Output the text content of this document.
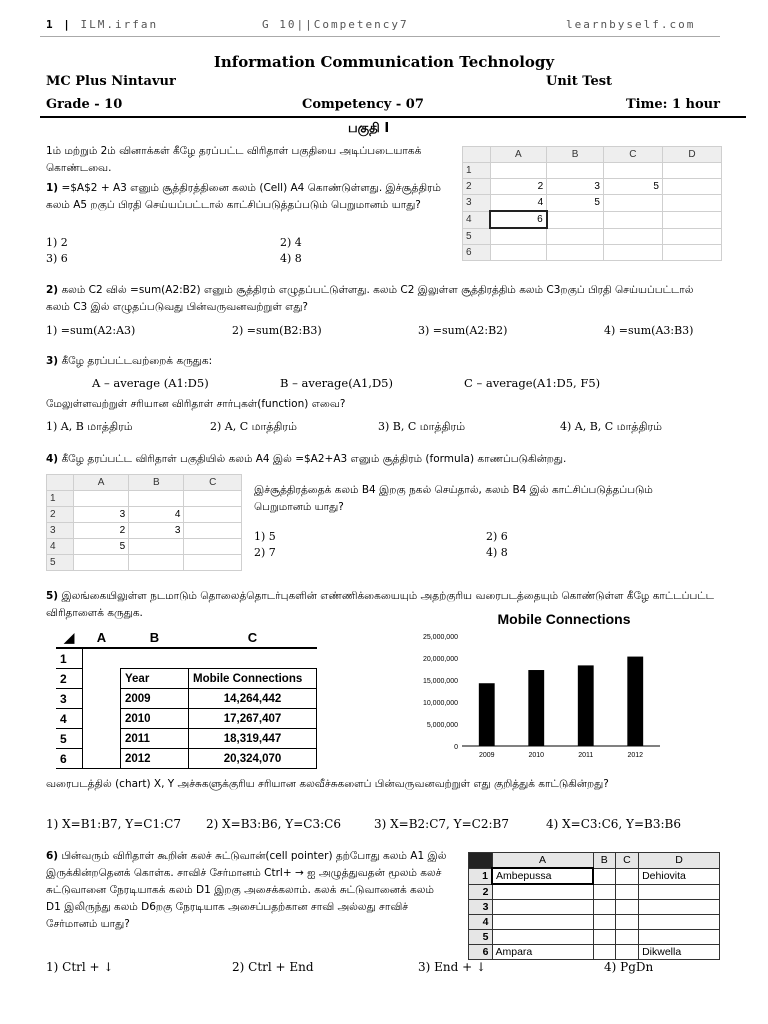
1 | ILM.irfan	G 10||Competency7	learnbyself.com
Information Communication Technology
MC Plus Nintavur	Unit Test
Grade - 10	Competency - 07	Time: 1 hour
பகுதி I
1ம் மற்றும் 2ம் வினாக்கள் கீழே தரப்பட்ட விரிதாள் பகுதியை அடிப்படையாகக் கொண்டவை.
1) =$A$2 + A3 எனும் சூத்திரத்தினை கலம் (Cell) A4 கொண்டுள்ளது. இச்சூத்திரம் கலம் A5 றகுப் பிரதி செய்யப்பட்டால் காட்சிப்படுத்தப்படும் பெறுமானம் யாது?
1) 2	2) 4
3) 6	4) 8
	A	B	C	D
1				
2	2	3	5	
3	4	5		
4	6			
5				
6				
2) கலம் C2 வில் =sum(A2:B2) எனும் சூத்திரம் எழுதப்பட்டுள்ளது. கலம் C2 இலுள்ள சூத்திரத்திம் கலம் C3றகுப் பிரதி செய்யப்பட்டால் கலம் C3 இல் எழுதப்படுவது பின்வருவனவற்றுள் எது?
1) =sum(A2:A3)	2) =sum(B2:B3)	3) =sum(A2:B2)	4) =sum(A3:B3)
3) கீழே தரப்பட்டவற்றைக் கருதுக:
A – average (A1:D5)	B – average(A1,D5)	C – average(A1:D5, F5)
மேலுள்ளவற்றுள் சரியான விரிதாள் சார்புகள்(function) எவை?
1) A, B மாத்திரம்	2) A, C மாத்திரம்	3) B, C மாத்திரம்	4) A, B, C மாத்திரம்
4) கீழே தரப்பட்ட விரிதாள் பகுதியில் கலம் A4 இல் =$A2+A3 எனும் சூத்திரம் (formula) காணப்படுகின்றது.
	A	B	C
1			
2	3	4	
3	2	3	
4	5		
5			
இச்சூத்திரத்தைக் கலம் B4 இறகு நகல் செய்தால், கலம் B4 இல் காட்சிப்படுத்தப்படும் பெறுமானம் யாது?
1) 5	2) 6
2) 7	4) 8
5) இலங்கையிலுள்ள நடமாடும் தொலைத்தொடர்புகளின் எண்ணிக்கையையும் அதற்குரிய வரைபடத்தையும் கொண்டுள்ள கீழே காட்டப்பட்ட விரிதாளைக் கருதுக.
◢	A	B	C
1			
2		Year	Mobile Connections
3		2009	14,264,442
4		2010	17,267,407
5		2011	18,319,447
6		2012	20,324,070
Mobile Connections
0
5,000,000
10,000,000
15,000,000
20,000,000
25,000,000
2009	2010	2011	2012
வரைபடத்தில் (chart) X, Y அச்சுகளுக்குரிய சரியான கலவீச்சுகளைப் பின்வருவனவற்றுள் எது குறித்துக் காட்டுகின்றது?
1) X=B1:B7, Y=C1:C7 2) X=B3:B6, Y=C3:C6	3) X=B2:C7, Y=C2:B7	4) X=C3:C6, Y=B3:B6
6) பின்வரும் விரிதாள் கூறின் கலச் சுட்டுவான்(cell pointer) தற்போது கலம் A1 இல் இருக்கின்றதெனக் கொள்க. சாவிச் சேர்மானம் Ctrl+ → ஐ அழுத்துவதன் மூலம் கலச் சுட்டுவானை நேரடியாகக் கலம் D1 இறகு அசைக்கலாம். கலக் சுட்டுவானைக் கலம் D1 இலிருந்து கலம் D6றகு நேரடியாக அசைப்பதற்கான சாவி அல்லது சாவிச் சேர்மானம் யாது?
	A	B	C	D
1	Ambepussa			Dehiovita
2				
3				
4				
5				
6	Ampara			Dikwella
1) Ctrl + ↓	2) Ctrl + End	3) End + ↓	4) PgDn
